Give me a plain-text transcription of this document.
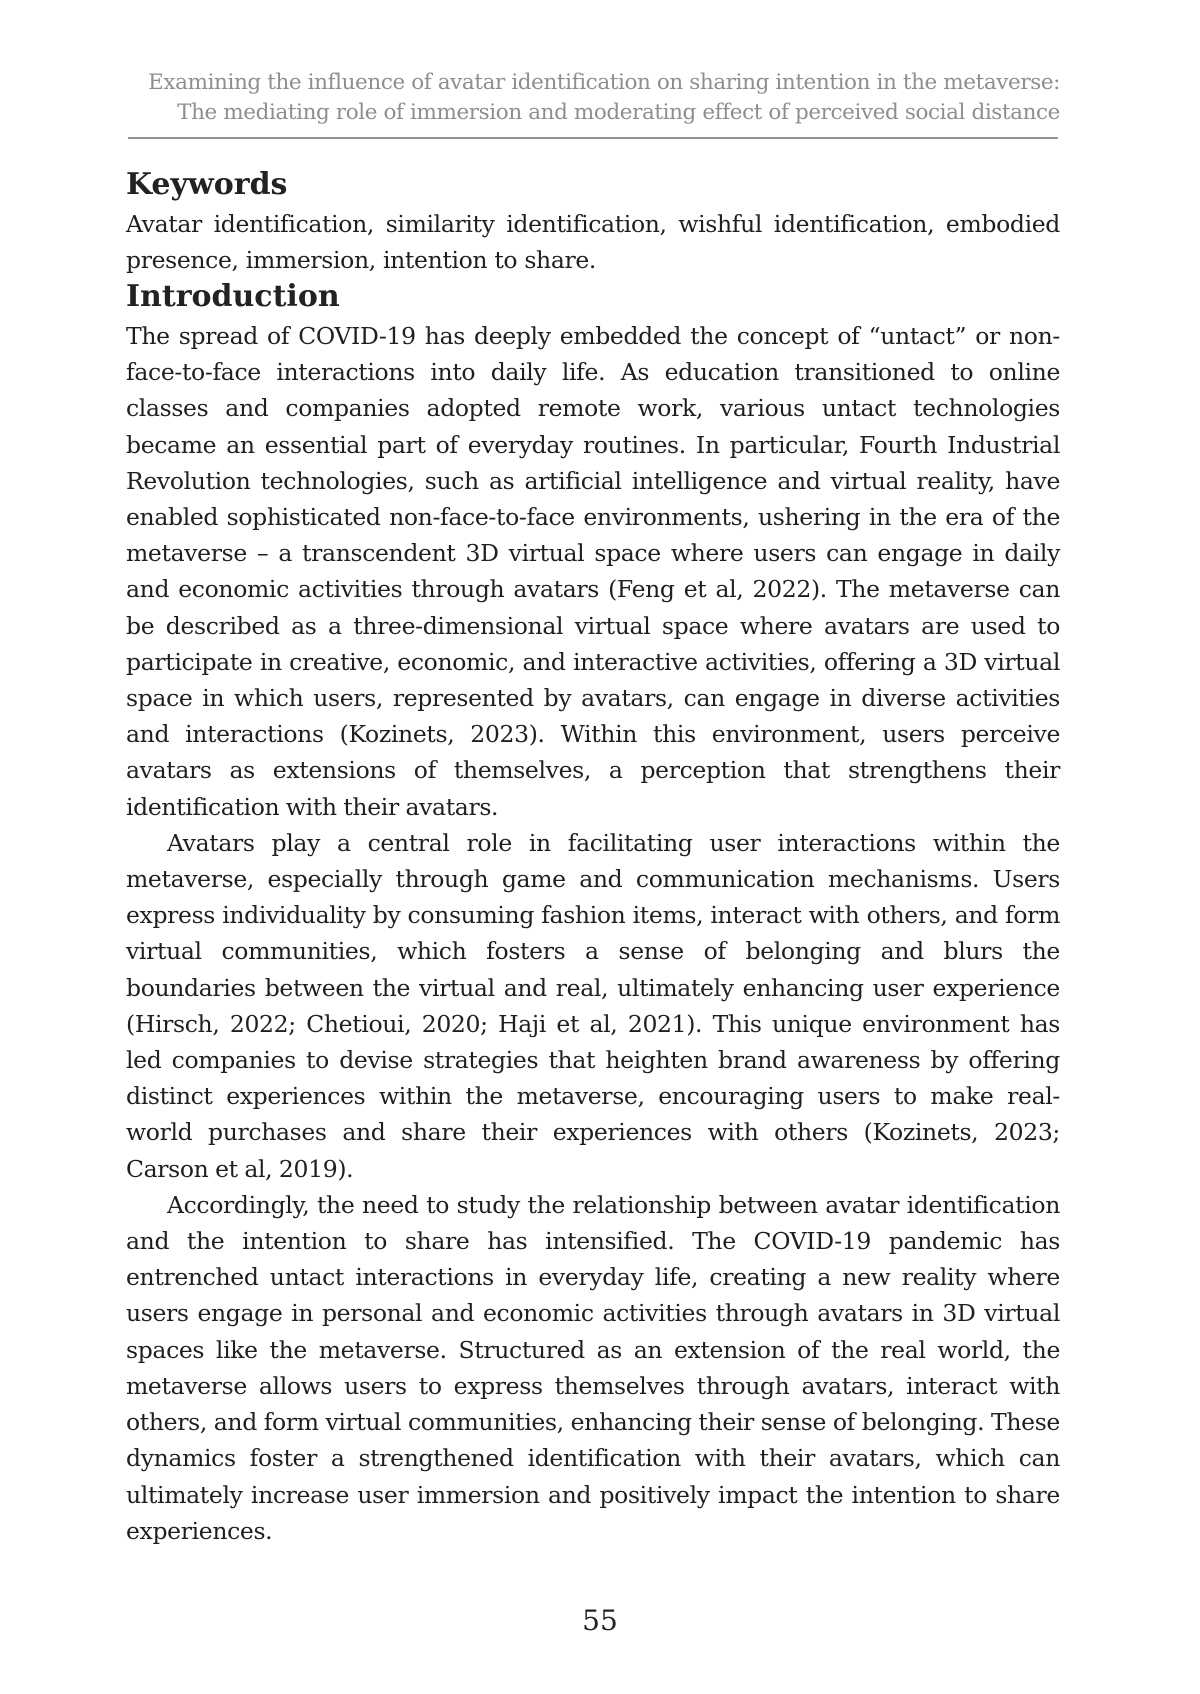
Examining the influence of avatar identification on sharing intention in the metaverse:
The mediating role of immersion and moderating effect of perceived social distance
Keywords

Avatar identification, similarity identification, wishful identification, embodied presence, immersion, intention to share.

Introduction

The spread of COVID-19 has deeply embedded the concept of “untact” or non-face-to-face interactions into daily life. As education transitioned to online classes and companies adopted remote work, various untact technologies became an essential part of everyday routines. In particular, Fourth Industrial Revolution technologies, such as artificial intelligence and virtual reality, have enabled sophisticated non-face-to-face environments, ushering in the era of the metaverse – a transcendent 3D virtual space where users can engage in daily and economic activities through avatars (Feng et al, 2022). The metaverse can be described as a three-dimensional virtual space where avatars are used to participate in creative, economic, and interactive activities, offering a 3D virtual space in which users, represented by avatars, can engage in diverse activities and interactions (Kozinets, 2023). Within this environment, users perceive avatars as extensions of themselves, a perception that strengthens their identification with their avatars.

Avatars play a central role in facilitating user interactions within the metaverse, especially through game and communication mechanisms. Users express individuality by consuming fashion items, interact with others, and form virtual communities, which fosters a sense of belonging and blurs the boundaries between the virtual and real, ultimately enhancing user experience (Hirsch, 2022; Chetioui, 2020; Haji et al, 2021). This unique environment has led companies to devise strategies that heighten brand awareness by offering distinct experiences within the metaverse, encouraging users to make real-world purchases and share their experiences with others (Kozinets, 2023; Carson et al, 2019).

Accordingly, the need to study the relationship between avatar identification and the intention to share has intensified. The COVID-19 pandemic has entrenched untact interactions in everyday life, creating a new reality where users engage in personal and economic activities through avatars in 3D virtual spaces like the metaverse. Structured as an extension of the real world, the metaverse allows users to express themselves through avatars, interact with others, and form virtual communities, enhancing their sense of belonging. These dynamics foster a strengthened identification with their avatars, which can ultimately increase user immersion and positively impact the intention to share experiences.

55
